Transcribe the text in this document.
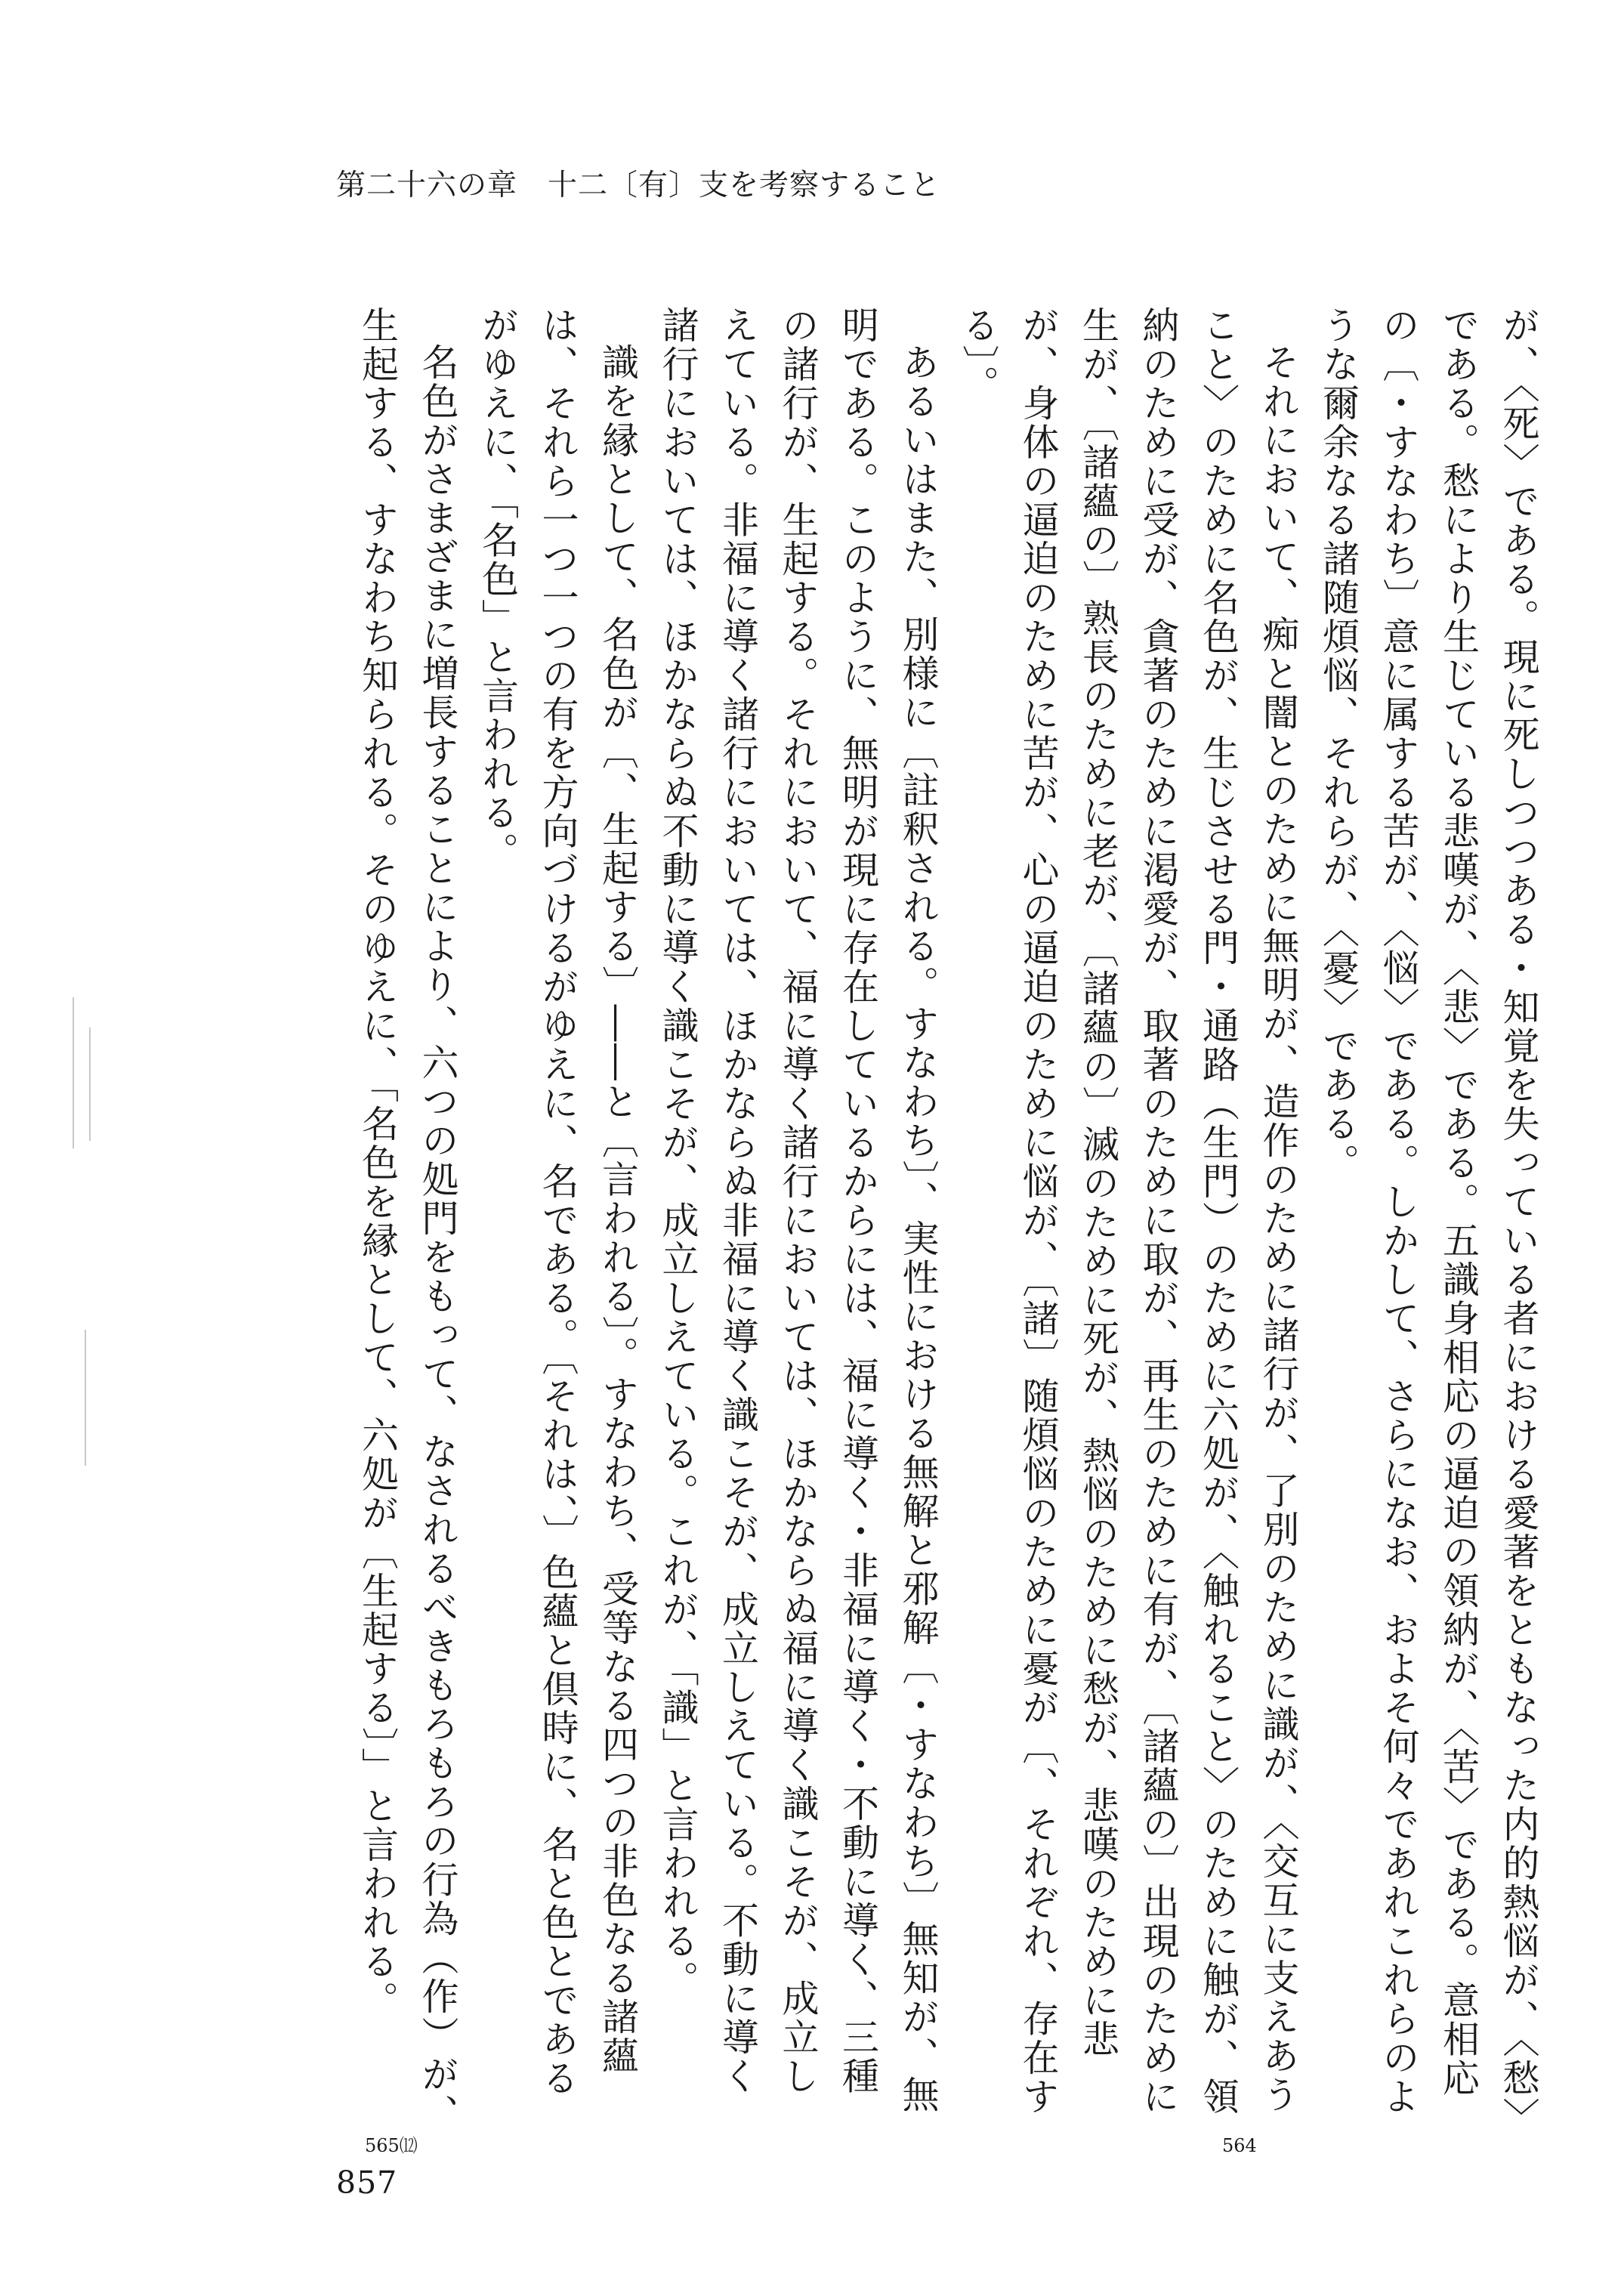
第二十六の章　十二〔有〕支を考察すること

が、〈死〉である。現に死しつつある・知覚を失っている者における愛著をともなった内的熱悩が、〈愁〉である。愁により生じている悲嘆が、〈悲〉である。五識身相応の逼迫の領納が、〈苦〉である。意相応の〔・すなわち〕意に属する苦が、〈悩〉である。しかして、さらになお、およそ何々であれこれらのような爾余なる諸随煩悩、それらが、〈憂〉である。

それにおいて、痴と闇とのために無明が、造作のために諸行が、了別のために識が、〈交互に支えあうこと〉のために名色が、生じさせる門・通路（生門）のために六処が、〈触れること〉のために触が、領納のために受が、貪著のために渇愛が、取著のために取が、再生のために有が、〔諸蘊の〕出現のために生が、〔諸蘊の〕熟長のために老が、〔諸蘊の〕滅のために死が、熱悩のために愁が、悲嘆のために悲が、身体の逼迫のために苦が、心の逼迫のために悩が、〔諸〕随煩悩のために憂が〔、それぞれ、存在する〕。

あるいはまた、別様に〔註釈される。すなわち〕、実性における無解と邪解〔・すなわち〕無知が、無明である。このように、無明が現に存在しているからには、福に導く・非福に導く・不動に導く、三種の諸行が、生起する。それにおいて、福に導く諸行においては、ほかならぬ福に導く識こそが、成立しえている。非福に導く諸行においては、ほかならぬ非福に導く識こそが、成立しえている。不動に導く諸行においては、ほかならぬ不動に導く識こそが、成立しえている。これが、「識」と言われる。

識を縁として、名色が〔、生起する〕――と〔言われる〕。すなわち、受等なる四つの非色なる諸蘊は、それら一つ一つの有を方向づけるがゆえに、名である。〔それは、〕色蘊と倶時に、名と色とであるがゆえに、「名色」と言われる。

名色がさまざまに増長することにより、六つの処門をもって、なされるべきもろもろの行為（作）が、生起する、すなわち知られる。そのゆえに、「名色を縁として、六処が〔生起する〕」と言われる。

564
565⑿
857
